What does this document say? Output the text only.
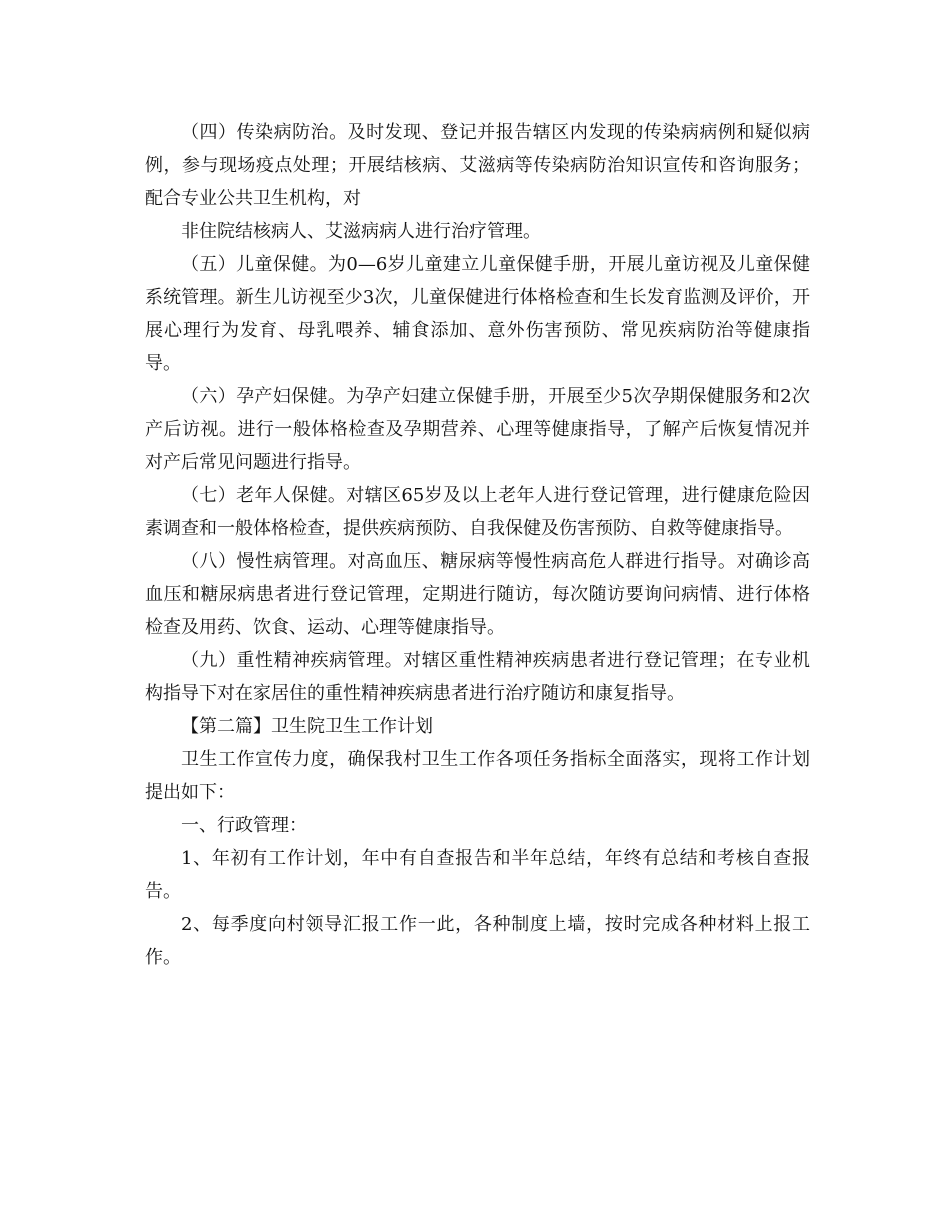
（四）传染病防治。及时发现、登记并报告辖区内发现的传染病病例和疑似病例，参与现场疫点处理；开展结核病、艾滋病等传染病防治知识宣传和咨询服务；配合专业公共卫生机构，对

非住院结核病人、艾滋病病人进行治疗管理。

（五）儿童保健。为0—6岁儿童建立儿童保健手册，开展儿童访视及儿童保健系统管理。新生儿访视至少3次，儿童保健进行体格检查和生长发育监测及评价，开展心理行为发育、母乳喂养、辅食添加、意外伤害预防、常见疾病防治等健康指导。

（六）孕产妇保健。为孕产妇建立保健手册，开展至少5次孕期保健服务和2次产后访视。进行一般体格检查及孕期营养、心理等健康指导，了解产后恢复情况并对产后常见问题进行指导。

（七）老年人保健。对辖区65岁及以上老年人进行登记管理，进行健康危险因素调查和一般体格检查，提供疾病预防、自我保健及伤害预防、自救等健康指导。

（八）慢性病管理。对高血压、糖尿病等慢性病高危人群进行指导。对确诊高血压和糖尿病患者进行登记管理，定期进行随访，每次随访要询问病情、进行体格检查及用药、饮食、运动、心理等健康指导。

（九）重性精神疾病管理。对辖区重性精神疾病患者进行登记管理；在专业机构指导下对在家居住的重性精神疾病患者进行治疗随访和康复指导。

【第二篇】卫生院卫生工作计划

卫生工作宣传力度，确保我村卫生工作各项任务指标全面落实，现将工作计划提出如下：

一、行政管理：

1、年初有工作计划，年中有自查报告和半年总结，年终有总结和考核自查报告。

2、每季度向村领导汇报工作一此，各种制度上墙，按时完成各种材料上报工作。
